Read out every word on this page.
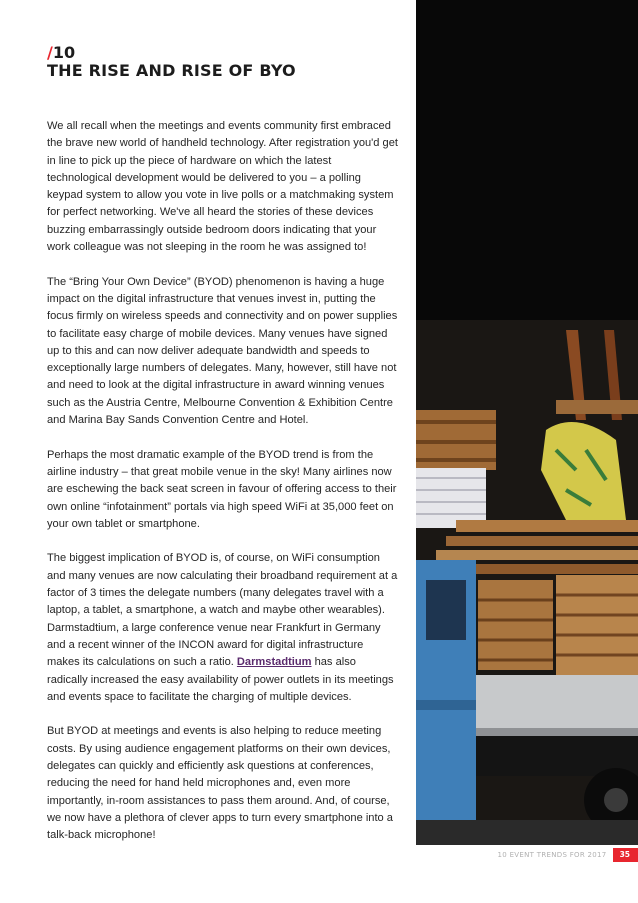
/10
THE RISE AND RISE OF BYO

We all recall when the meetings and events community first embraced the brave new world of handheld technology. After registration you'd get in line to pick up the piece of hardware on which the latest technological development would be delivered to you – a polling keypad system to allow you vote in live polls or a matchmaking system for perfect networking. We've all heard the stories of these devices buzzing embarrassingly outside bedroom doors indicating that your work colleague was not sleeping in the room he was assigned to!

The “Bring Your Own Device” (BYOD) phenomenon is having a huge impact on the digital infrastructure that venues invest in, putting the focus firmly on wireless speeds and connectivity and on power supplies to facilitate easy charge of mobile devices. Many venues have signed up to this and can now deliver adequate bandwidth and speeds to exceptionally large numbers of delegates. Many, however, still have not and need to look at the digital infrastructure in award winning venues such as the Austria Centre, Melbourne Convention & Exhibition Centre and Marina Bay Sands Convention Centre and Hotel.

Perhaps the most dramatic example of the BYOD trend is from the airline industry – that great mobile venue in the sky! Many airlines now are eschewing the back seat screen in favour of offering access to their own online “infotainment” portals via high speed WiFi at 35,000 feet on your own tablet or smartphone.

The biggest implication of BYOD is, of course, on WiFi consumption and many venues are now calculating their broadband requirement at a factor of 3 times the delegate numbers (many delegates travel with a laptop, a tablet, a smartphone, a watch and maybe other wearables). Darmstadtium, a large conference venue near Frankfurt in Germany and a recent winner of the INCON award for digital infrastructure makes its calculations on such a ratio. Darmstadtium has also radically increased the easy availability of power outlets in its meetings and events space to facilitate the charging of multiple devices.

But BYOD at meetings and events is also helping to reduce meeting costs. By using audience engagement platforms on their own devices, delegates can quickly and efficiently ask questions at conferences, reducing the need for hand held microphones and, even more importantly, in-room assistances to pass them around. And, of course, we now have a plethora of clever apps to turn every smartphone into a talk-back microphone!

10 EVENT TRENDS FOR 2017	35
